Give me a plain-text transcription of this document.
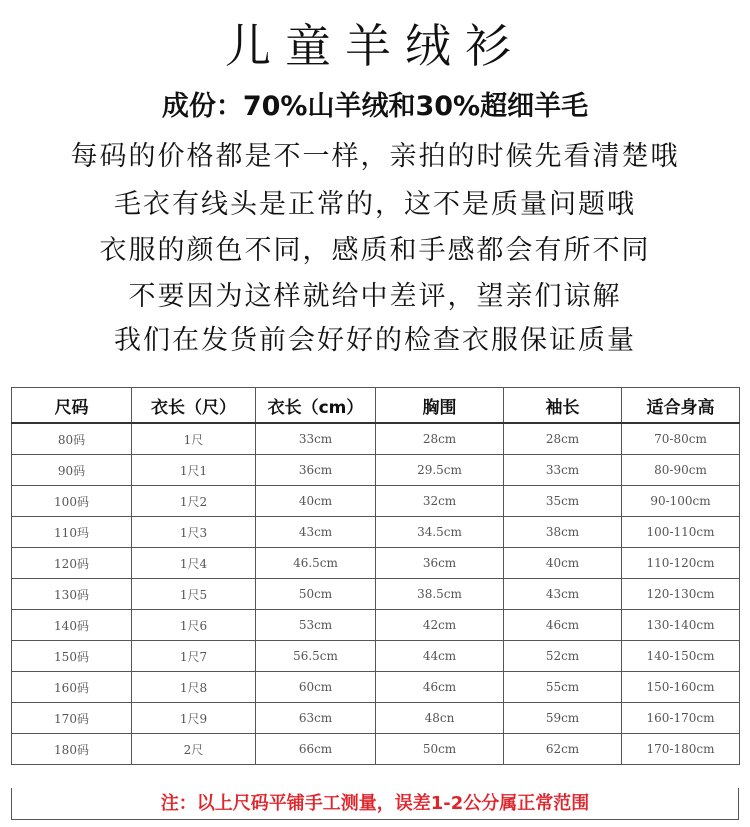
儿童羊绒衫
成份：70%山羊绒和30%超细羊毛
每码的价格都是不一样，亲拍的时候先看清楚哦
毛衣有线头是正常的，这不是质量问题哦
衣服的颜色不同，感质和手感都会有所不同
不要因为这样就给中差评，望亲们谅解
我们在发货前会好好的检查衣服保证质量
尺码	衣长（尺）	衣长（cm）	胸围	袖长	适合身高
80码	1尺	33cm	28cm	28cm	70-80cm
90码	1尺1	36cm	29.5cm	33cm	80-90cm
100码	1尺2	40cm	32cm	35cm	90-100cm
110玛	1尺3	43cm	34.5cm	38cm	100-110cm
120码	1尺4	46.5cm	36cm	40cm	110-120cm
130码	1尺5	50cm	38.5cm	43cm	120-130cm
140码	1尺6	53cm	42cm	46cm	130-140cm
150码	1尺7	56.5cm	44cm	52cm	140-150cm
160码	1尺8	60cm	46cm	55cm	150-160cm
170码	1尺9	63cm	48cn	59cm	160-170cm
180码	2尺	66cm	50cm	62cm	170-180cm
注：以上尺码平铺手工测量，误差1-2公分属正常范围
